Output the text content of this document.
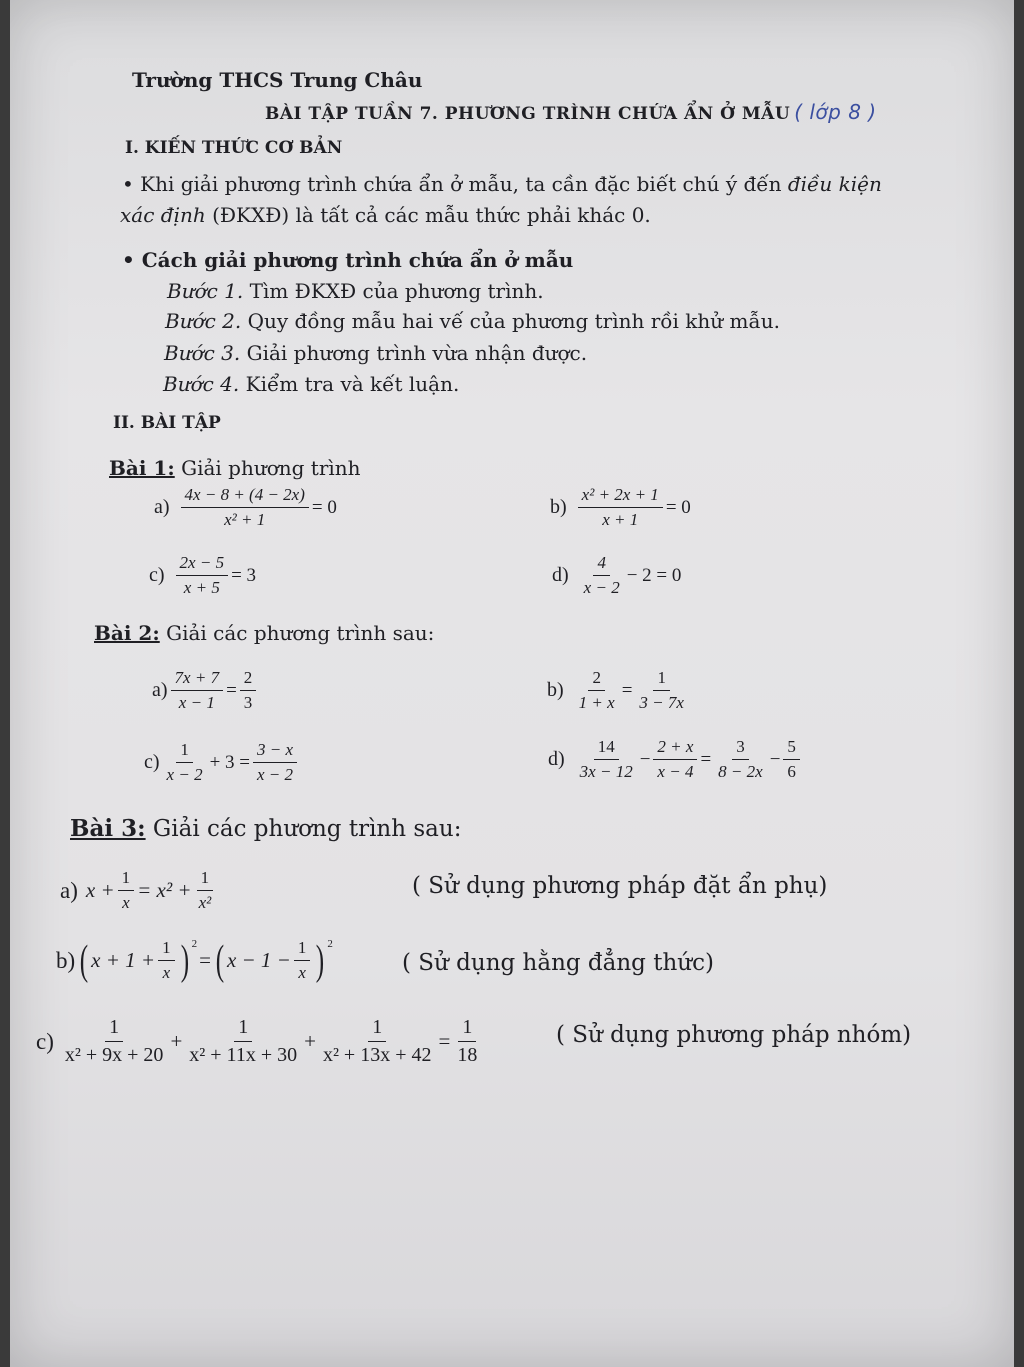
Trường THCS Trung Châu
BÀI TẬP TUẦN 7. PHƯƠNG TRÌNH CHỨA ẨN Ở MẪU ( lớp 8 )
I. KIẾN THỨC CƠ BẢN
• Khi giải phương trình chứa ẩn ở mẫu, ta cần đặc biết chú ý đến điều kiện
xác định (ĐKXĐ) là tất cả các mẫu thức phải khác 0.
• Cách giải phương trình chứa ẩn ở mẫu
Bước 1. Tìm ĐKXĐ của phương trình.
Bước 2. Quy đồng mẫu hai vế của phương trình rồi khử mẫu.
Bước 3. Giải phương trình vừa nhận được.
Bước 4. Kiểm tra và kết luận.
II. BÀI TẬP
Bài 1: Giải phương trình
$a) \frac{4x - 8 + (4 - 2x)}{\text{x² + 1}} = 0$	$b) \frac{\text{x² + 2x + 1}}{x + 1} = 0$
$c) \frac{2x - 5}{x + 5} = 3$	$d) \frac{4}{x - 2} - 2 = 0$
Bài 2: Giải các phương trình sau:
$a) \frac{7x + 7}{x - 1} = \frac{2}{3}$	$b) \frac{2}{1 + x} = \frac{1}{3 - 7x}$
$c) \frac{1}{x - 2} + 3 = \frac{3 - x}{x - 2}$	$d) \frac{14}{3x - 12} - \frac{2 + x}{x - 4} = \frac{3}{8 - 2x} - \frac{5}{6}$
Bài 3: Giải các phương trình sau:
a) $x + \frac{1}{x} = x^2 + \frac{1}{\text{x²}}$	( Sử dụng phương pháp đặt ẩn phụ)
b) ( $x + 1 + \frac{1}{x}$ ) 2
= ( $x - 1 - \frac{1}{x}$ ) 2
( Sử dụng hằng đẳng thức)
$c) \frac{1}{\text{x² + 9x + 20}} + \frac{1}{\text{x² + 11x + 30}} + \frac{1}{\text{x² + 13x + 42}} = \frac{1}{18}$	( Sử dụng phương pháp nhóm)
